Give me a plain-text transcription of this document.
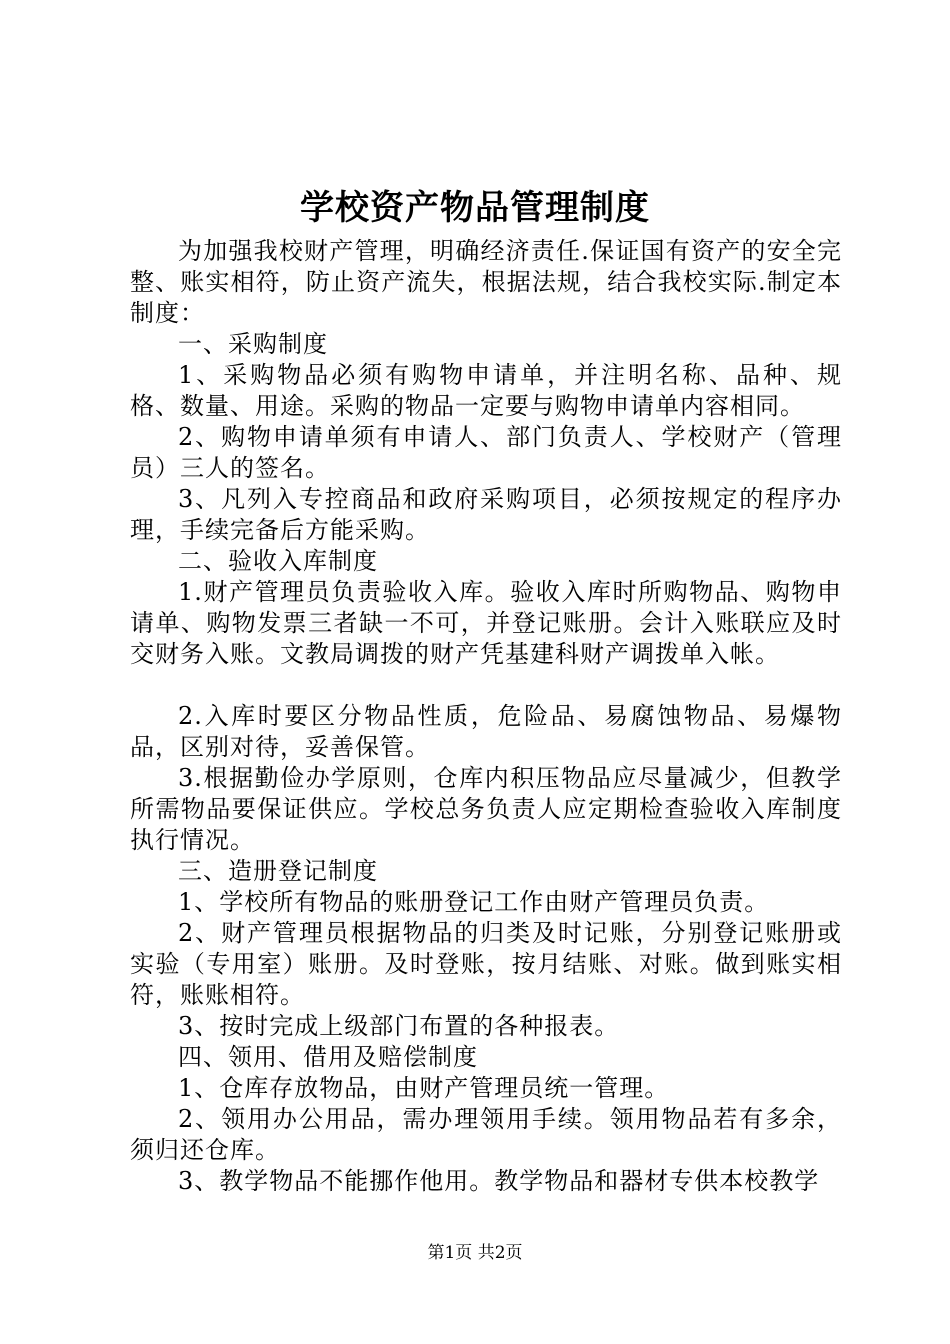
学校资产物品管理制度

为加强我校财产管理，明确经济责任.保证国有资产的安全完整、账实相符，防止资产流失，根据法规，结合我校实际.制定本制度：

一、采购制度

1、采购物品必须有购物申请单，并注明名称、品种、规格、数量、用途。采购的物品一定要与购物申请单内容相同。

2、购物申请单须有申请人、部门负责人、学校财产（管理员）三人的签名。

3、凡列入专控商品和政府采购项目，必须按规定的程序办理，手续完备后方能采购。

二、验收入库制度

1.财产管理员负责验收入库。验收入库时所购物品、购物申请单、购物发票三者缺一不可，并登记账册。会计入账联应及时交财务入账。文教局调拨的财产凭基建科财产调拨单入帐。

2.入库时要区分物品性质，危险品、易腐蚀物品、易爆物品，区别对待，妥善保管。

3.根据勤俭办学原则，仓库内积压物品应尽量减少，但教学所需物品要保证供应。学校总务负责人应定期检查验收入库制度执行情况。

三、造册登记制度

1、学校所有物品的账册登记工作由财产管理员负责。

2、财产管理员根据物品的归类及时记账，分别登记账册或实验（专用室）账册。及时登账，按月结账、对账。做到账实相符，账账相符。

3、按时完成上级部门布置的各种报表。

四、领用、借用及赔偿制度

1、仓库存放物品，由财产管理员统一管理。

2、领用办公用品，需办理领用手续。领用物品若有多余，须归还仓库。

3、教学物品不能挪作他用。教学物品和器材专供本校教学

第1页 共2页
